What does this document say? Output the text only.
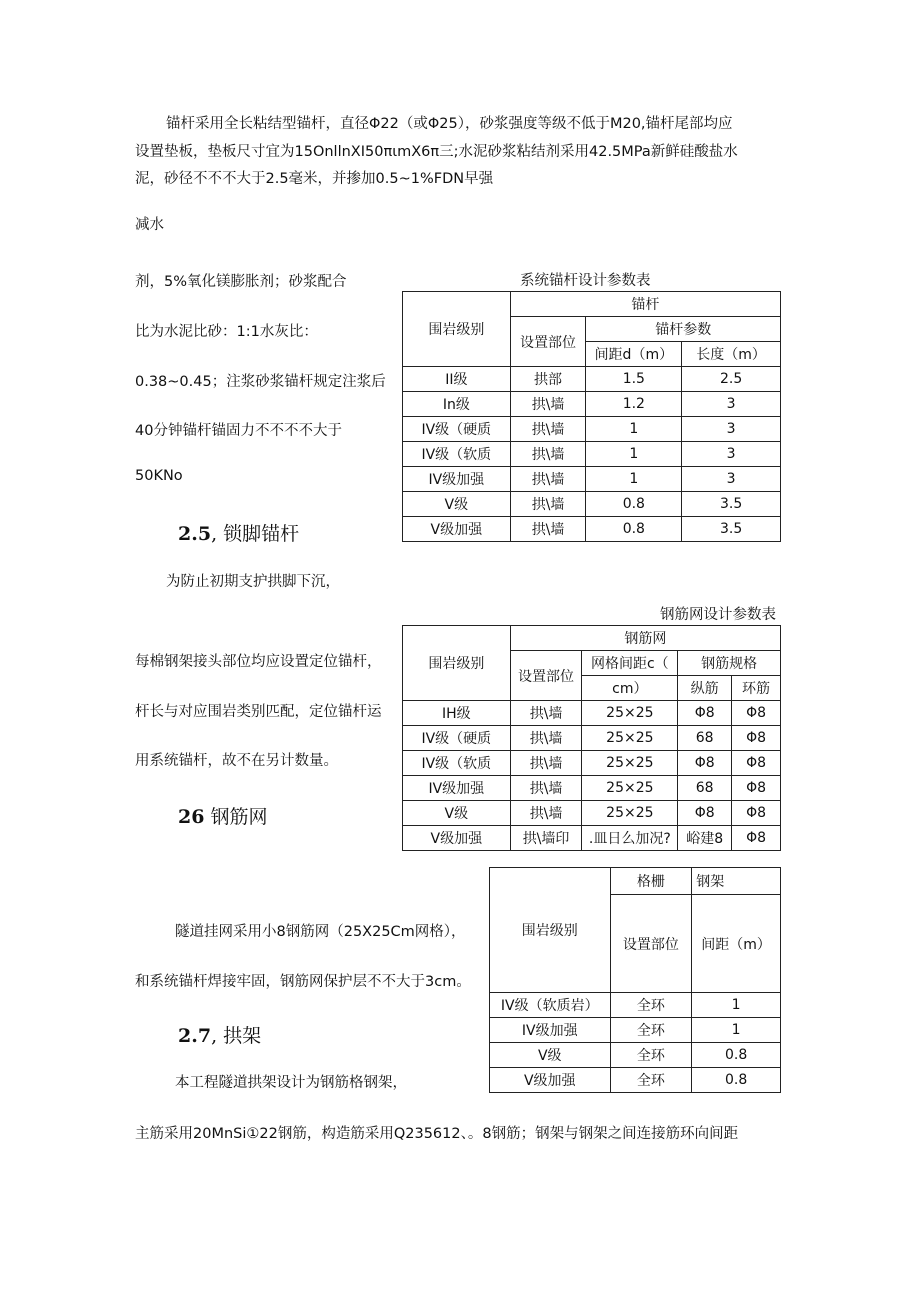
锚杆采用全长粘结型锚杆，直径Φ22（或Φ25），砂浆强度等级不低于M20,锚杆尾部均应
设置垫板，垫板尺寸宜为15OnllnXI50πιmX6π三;水泥砂浆粘结剂采用42.5MPa新鲜硅酸盐水
泥，砂径不不不大于2.5毫米，并掺加0.5~1%FDN早强
减水
剂，5%氧化镁膨胀剂；砂浆配合
比为水泥比砂：1:1水灰比：
0.38~0.45；注浆砂浆锚杆规定注浆后
40分钟锚杆锚固力不不不不大于
50KNo
2.5, 锁脚锚杆
为防止初期支护拱脚下沉，
每棉钢架接头部位均应设置定位锚杆，
杆长与对应围岩类别匹配，定位锚杆运
用系统锚杆，故不在另计数量。
26 钢筋网
隧道挂网采用小8钢筋网（25X25Cm网格），
和系统锚杆焊接牢固，钢筋网保护层不不大于3cm。
2.7, 拱架
本工程隧道拱架设计为钢筋格钢架，
主筋采用20MnSi①22钢筋，构造筋采用Q235612、。8钢筋；钢架与钢架之间连接筋环向间距
系统锚杆设计参数表
围岩级别	锚杆		
	设置部位	锚杆参数	
		间距d（m）	长度（m）
II级	拱部	1.5	2.5
In级	拱\墙	1.2	3
IV级（硬质	拱\墙	1	3
IV级（软质	拱\墙	1	3
IV级加强	拱\墙	1	3
V级	拱\墙	0.8	3.5
V级加强	拱\墙	0.8	3.5
钢筋网设计参数表
围岩级别	钢筋网			
	设置部位	网格间距c（	钢筋规格	
		cm）	纵筋	环筋
IH级	拱\墙	25×25	Φ8	Φ8
IV级（硬质	拱\墙	25×25	68	Φ8
IV级（软质	拱\墙	25×25	Φ8	Φ8
IV级加强	拱\墙	25×25	68	Φ8
V级	拱\墙	25×25	Φ8	Φ8
V级加强	拱\墙印	.皿日么加况?	峪建8	Φ8
围岩级别	格栅	钢架
	设置部位	间距（m）
IV级（软质岩）	全环	1
IV级加强	全环	1
V级	全环	0.8
V级加强	全环	0.8
